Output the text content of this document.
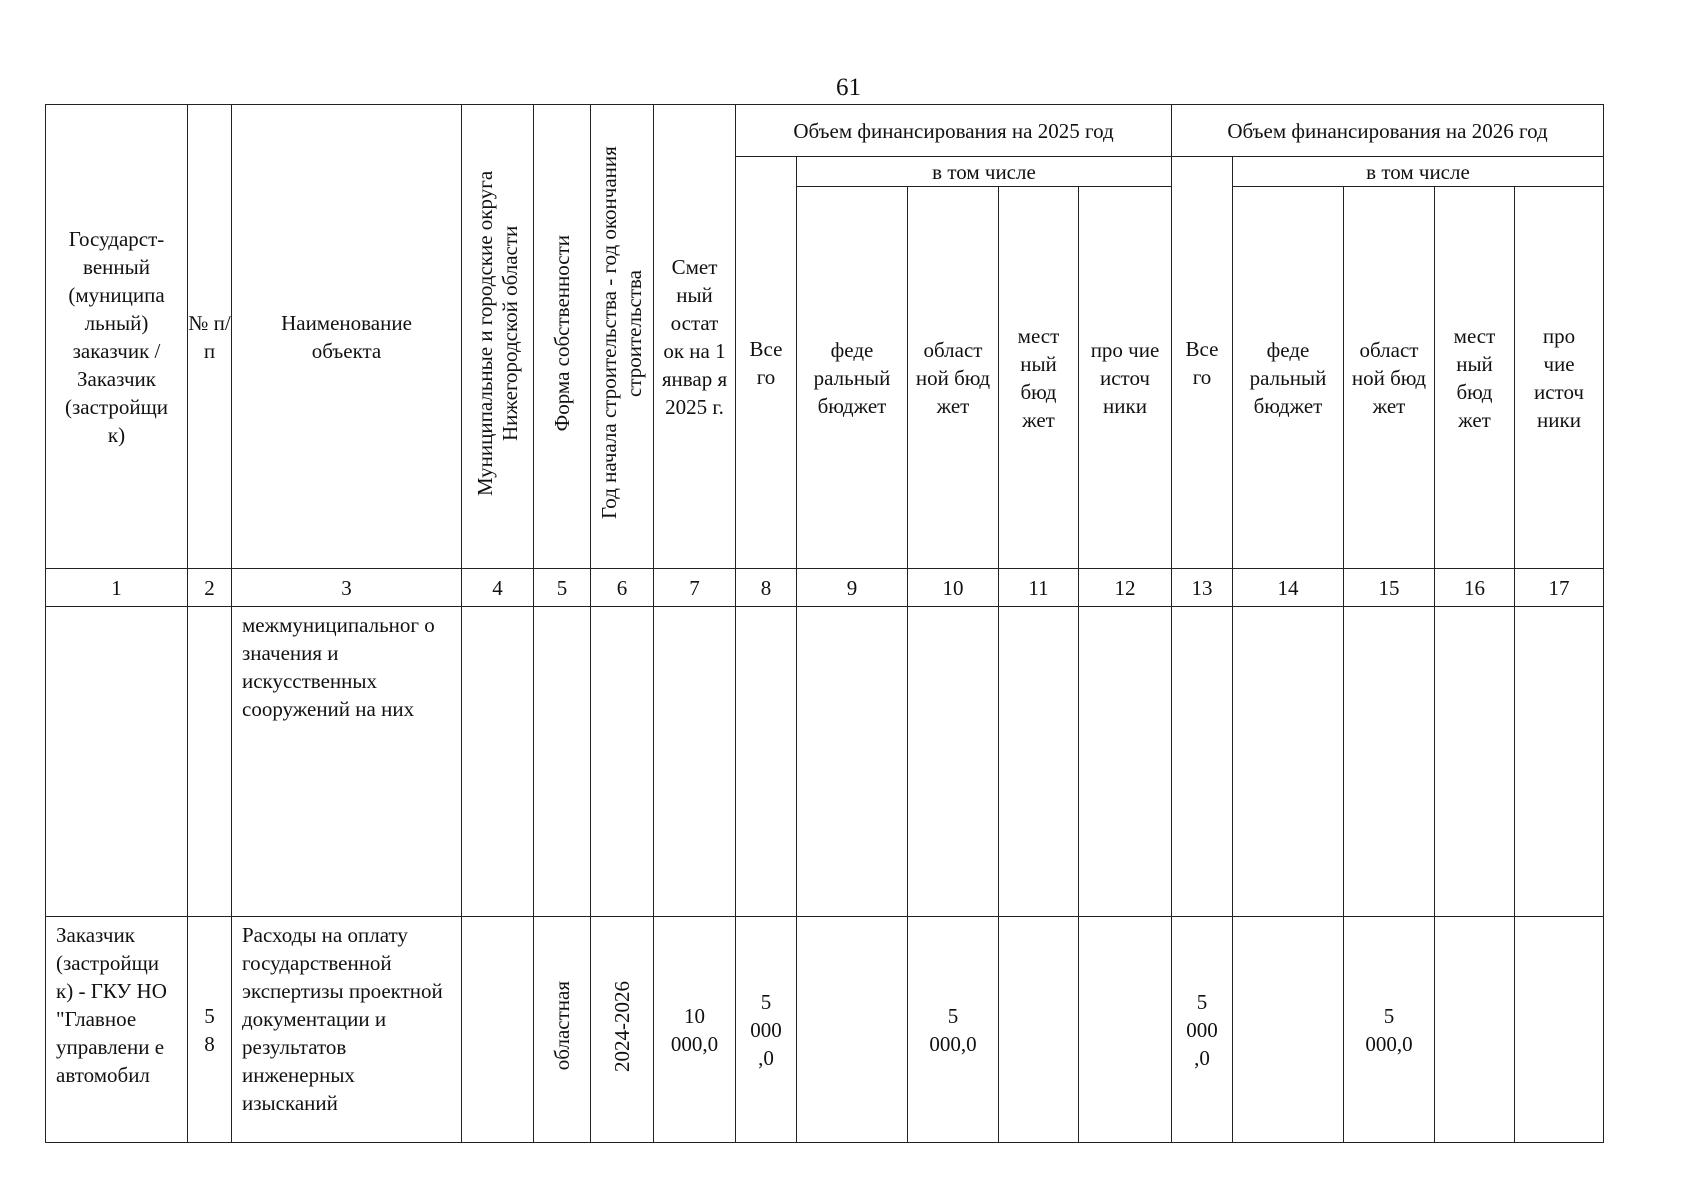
61
Государст-венный (муниципа льный) заказчик / Заказчик (застройщи к)	№ п/ п	Наименование объекта	Муниципальные и городские округа Нижегородской области	Форма собственности	Год начала строительства - год окончания строительства	Смет ный остат ок на 1 январ я 2025 г.	Объем финансирования на 2025 год					Объем финансирования на 2026 год				

							Все го	в том числе				Все го	в том числе			

								феде ральный бюджет	област ной бюд жет	мест ный бюд жет	про чие источ ники		феде ральный бюджет	област ной бюд жет	мест ный бюд жет	про чие источ ники

1	2	3	4	5	6	7	8	9	10	11	12	13	14	15	16	17
		межмуниципальног о значения и искусственных сооружений на них														
Заказчик (застройщи к) - ГКУ НО "Главное управлени е автомобил	5 8	Расходы на оплату государственной экспертизы проектной документации и результатов инженерных изысканий		областная	2024-2026	10 000,0	5 000 ,0		5 000,0			5 000 ,0		5 000,0		
